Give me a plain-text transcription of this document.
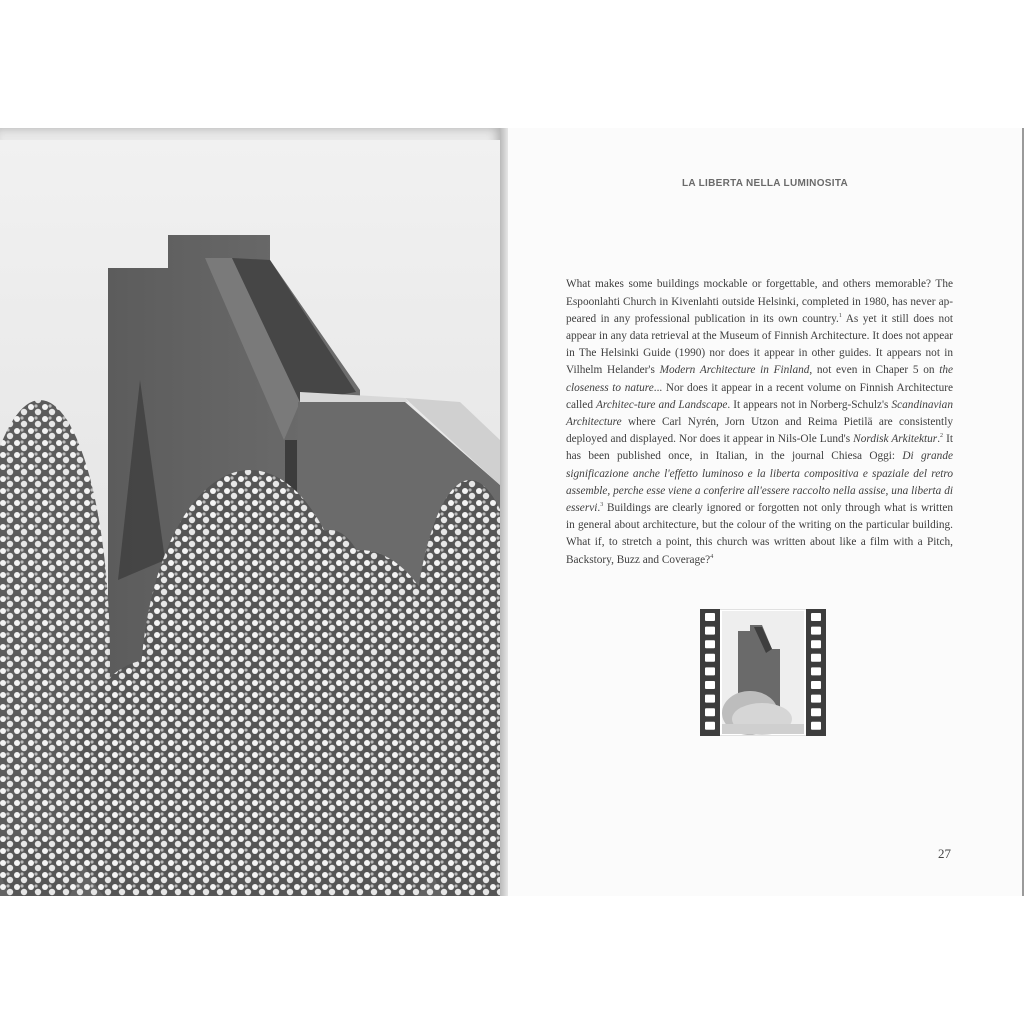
LA LIBERTA NELLA LUMINOSITA

What makes some buildings mockable or forgettable, and others memorable? The Espoonlahti Church in Kivenlahti outside Helsinki, completed in 1980, has never ap-peared in any professional publication in its own country.$^1$ As yet it still does not appear in any data retrieval at the Museum of Finnish Architecture. It does not appear in The Helsinki Guide (1990) nor does it appear in other guides. It appears not in Vilhelm Helander's Modern Architecture in Finland, not even in Chaper 5 on the closeness to nature... Nor does it appear in a recent volume on Finnish Architecture called Architec-ture and Landscape. It appears not in Norberg-Schulz's Scandinavian Architecture where Carl Nyrén, Jorn Utzon and Reima Pietilä are consistently deployed and displayed. Nor does it appear in Nils-Ole Lund's Nordisk Arkitektur.$^2$ It has been published once, in Italian, in the journal Chiesa Oggi: Di grande significazione anche l'effetto luminoso e la liberta compositiva e spaziale del retro assemble, perche esse viene a conferire all'essere raccolto nella assise, una liberta di esservi.$^3$ Buildings are clearly ignored or forgotten not only through what is written in general about architecture, but the colour of the writing on the particular building. What if, to stretch a point, this church was written about like a film with a Pitch, Backstory, Buzz and Coverage?$^4$

27
